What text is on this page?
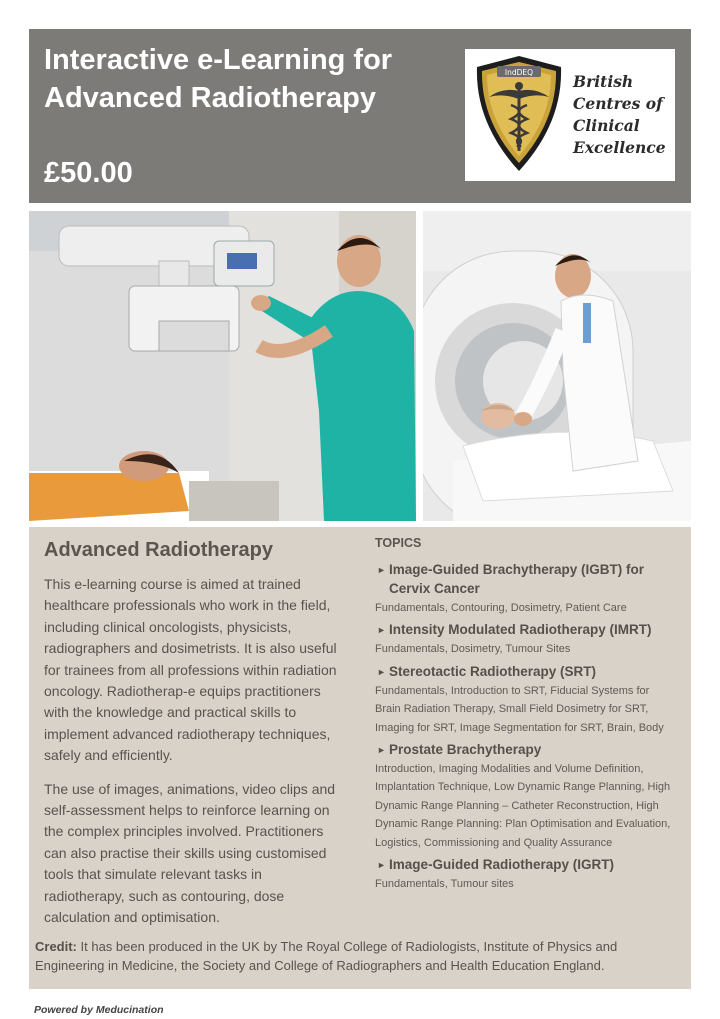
Interactive e-Learning for
Advanced Radiotherapy
£50.00
IndDEQ	British
Centres of
Clinical
Excellence
Advanced Radiotherapy

This e-learning course is aimed at trained healthcare professionals who work in the field, including clinical oncologists, physicists, radiographers and dosimetrists. It is also useful for trainees from all professions within radiation oncology. Radiotherap-e equips practitioners with the knowledge and practical skills to implement advanced radiotherapy techniques, safely and efficiently.

The use of images, animations, video clips and self-assessment helps to reinforce learning on the complex principles involved. Practitioners can also practise their skills using customised tools that simulate relevant tasks in radiotherapy, such as contouring, dose calculation and optimisation.

TOPICS
► Image-Guided Brachytherapy (IGBT) for Cervix Cancer
Fundamentals, Contouring, Dosimetry, Patient Care
► Intensity Modulated Radiotherapy (IMRT)
Fundamentals, Dosimetry, Tumour Sites
► Stereotactic Radiotherapy (SRT)
Fundamentals, Introduction to SRT, Fiducial Systems for Brain Radiation Therapy, Small Field Dosimetry for SRT, Imaging for SRT, Image Segmentation for SRT, Brain, Body
► Prostate Brachytherapy
Introduction, Imaging Modalities and Volume Definition, Implantation Technique, Low Dynamic Range Planning, High Dynamic Range Planning – Catheter Reconstruction, High Dynamic Range Planning: Plan Optimisation and Evaluation, Logistics, Commissioning and Quality Assurance
► Image-Guided Radiotherapy (IGRT)
Fundamentals, Tumour sites
Credit: It has been produced in the UK by The Royal College of Radiologists, Institute of Physics and Engineering in Medicine, the Society and College of Radiographers and Health Education England.
Powered by Meducination
